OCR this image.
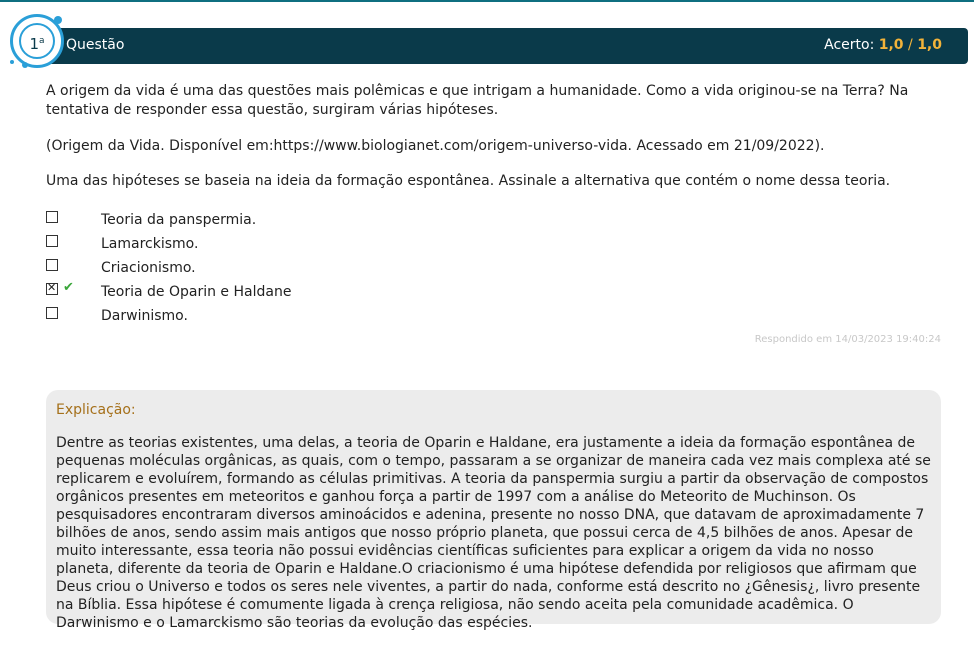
Questão	Acerto: 1,0 / 1,0
1$^a$
A origem da vida é uma das questões mais polêmicas e que intrigam a humanidade. Como a vida originou-se na Terra? Na tentativa de responder essa questão, surgiram várias hipóteses.
(Origem da Vida. Disponível em:https://www.biologianet.com/origem-universo-vida. Acessado em 21/09/2022).
Uma das hipóteses se baseia na ideia da formação espontânea. Assinale a alternativa que contém o nome dessa teoria.
Teoria da panspermia.
Lamarckismo.
Criacionismo.
✕
✔ Teoria de Oparin e Haldane
Darwinismo.
Respondido em 14/03/2023 19:40:24
Explicação:
Dentre as teorias existentes, uma delas, a teoria de Oparin e Haldane, era justamente a ideia da formação espontânea de pequenas moléculas orgânicas, as quais, com o tempo, passaram a se organizar de maneira cada vez mais complexa até se replicarem e evoluírem, formando as células primitivas. A teoria da panspermia surgiu a partir da observação de compostos orgânicos presentes em meteoritos e ganhou força a partir de 1997 com a análise do Meteorito de Muchinson. Os pesquisadores encontraram diversos aminoácidos e adenina, presente no nosso DNA, que datavam de aproximadamente 7 bilhões de anos, sendo assim mais antigos que nosso próprio planeta, que possui cerca de 4,5 bilhões de anos. Apesar de muito interessante, essa teoria não possui evidências científicas suficientes para explicar a origem da vida no nosso planeta, diferente da teoria de Oparin e Haldane.O criacionismo é uma hipótese defendida por religiosos que afirmam que Deus criou o Universo e todos os seres nele viventes, a partir do nada, conforme está descrito no ¿Gênesis¿, livro presente na Bíblia. Essa hipótese é comumente ligada à crença religiosa, não sendo aceita pela comunidade acadêmica. O Darwinismo e o Lamarckismo são teorias da evolução das espécies.
